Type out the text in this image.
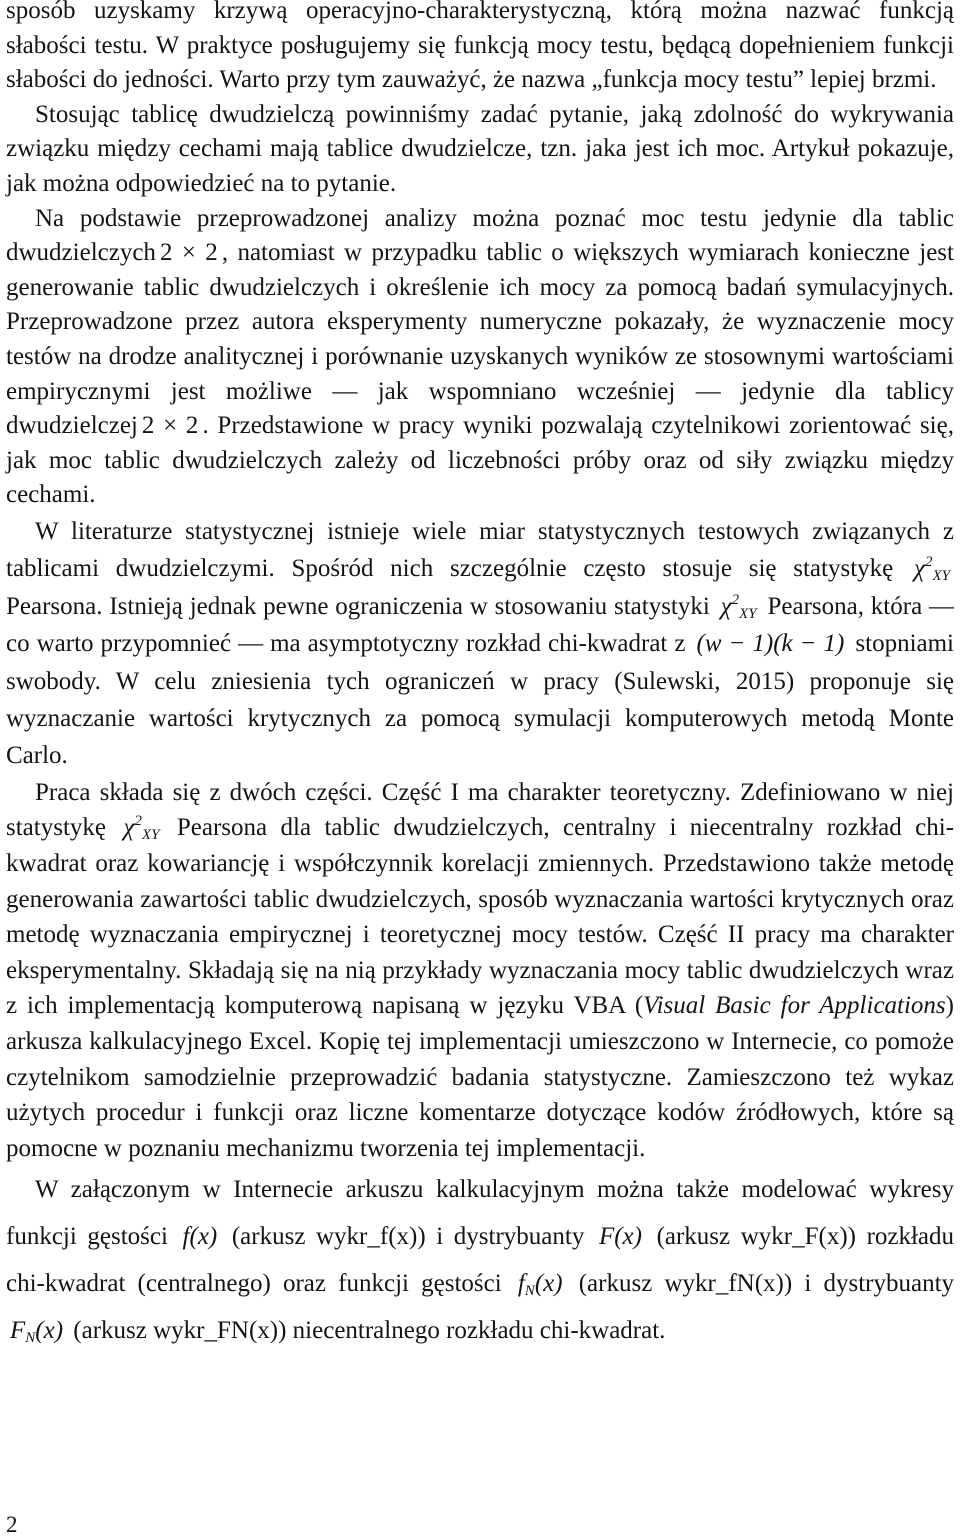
sposób uzyskamy krzywą operacyjno-charakterystyczną, którą można nazwać funkcją słabości testu. W praktyce posługujemy się funkcją mocy testu, będącą dopełnieniem funkcji słabości do jedności. Warto przy tym zauważyć, że nazwa „funkcja mocy testu” lepiej brzmi.

Stosując tablicę dwudzielczą powinniśmy zadać pytanie, jaką zdolność do wykrywania związku między cechami mają tablice dwudzielcze, tzn. jaka jest ich moc. Artykuł pokazuje, jak można odpowiedzieć na to pytanie.

Na podstawie przeprowadzonej analizy można poznać moc testu jedynie dla tablic dwudzielczych 2 × 2 , natomiast w przypadku tablic o większych wymiarach konieczne jest generowanie tablic dwudzielczych i określenie ich mocy za pomocą badań symulacyjnych. Przeprowadzone przez autora eksperymenty numeryczne pokazały, że wyznaczenie mocy testów na drodze analitycznej i porównanie uzyskanych wyników ze stosownymi wartościami empirycznymi jest możliwe — jak wspomniano wcześniej — jedynie dla tablicy dwudzielczej 2 × 2 . Przedstawione w pracy wyniki pozwalają czytelnikowi zorientować się, jak moc tablic dwudzielczych zależy od liczebności próby oraz od siły związku między cechami.

W literaturze statystycznej istnieje wiele miar statystycznych testowych związanych z tablicami dwudzielczymi. Spośród nich szczególnie często stosuje się statystykę $\chi^2_{XY}$ Pearsona. Istnieją jednak pewne ograniczenia w stosowaniu statystyki $\chi^2_{XY}$ Pearsona, która — co warto przypomnieć — ma asymptotyczny rozkład chi-kwadrat z (w − 1)(k − 1) stopniami swobody. W celu zniesienia tych ograniczeń w pracy (Sulewski, 2015) proponuje się wyznaczanie wartości krytycznych za pomocą symulacji komputerowych metodą Monte Carlo.

Praca składa się z dwóch części. Część I ma charakter teoretyczny. Zdefiniowano w niej statystykę $\chi^2_{XY}$ Pearsona dla tablic dwudzielczych, centralny i niecentralny rozkład chi-kwadrat oraz kowariancję i współczynnik korelacji zmiennych. Przedstawiono także metodę generowania zawartości tablic dwudzielczych, sposób wyznaczania wartości krytycznych oraz metodę wyznaczania empirycznej i teoretycznej mocy testów. Część II pracy ma charakter eksperymentalny. Składają się na nią przykłady wyznaczania mocy tablic dwudzielczych wraz z ich implementacją komputerową napisaną w języku VBA (Visual Basic for Applications) arkusza kalkulacyjnego Excel. Kopię tej implementacji umieszczono w Internecie, co pomoże czytelnikom samodzielnie przeprowadzić badania statystyczne. Zamieszczono też wykaz użytych procedur i funkcji oraz liczne komentarze dotyczące kodów źródłowych, które są pomocne w poznaniu mechanizmu tworzenia tej implementacji.

W załączonym w Internecie arkuszu kalkulacyjnym można także modelować wykresy funkcji gęstości f(x) (arkusz wykr_f(x)) i dystrybuanty F(x) (arkusz wykr_F(x)) rozkładu chi-kwadrat (centralnego) oraz funkcji gęstości $f_N(x)$ (arkusz wykr_fN(x)) i dystrybuanty $F_N(x)$ (arkusz wykr_FN(x)) niecentralnego rozkładu chi-kwadrat.

2
